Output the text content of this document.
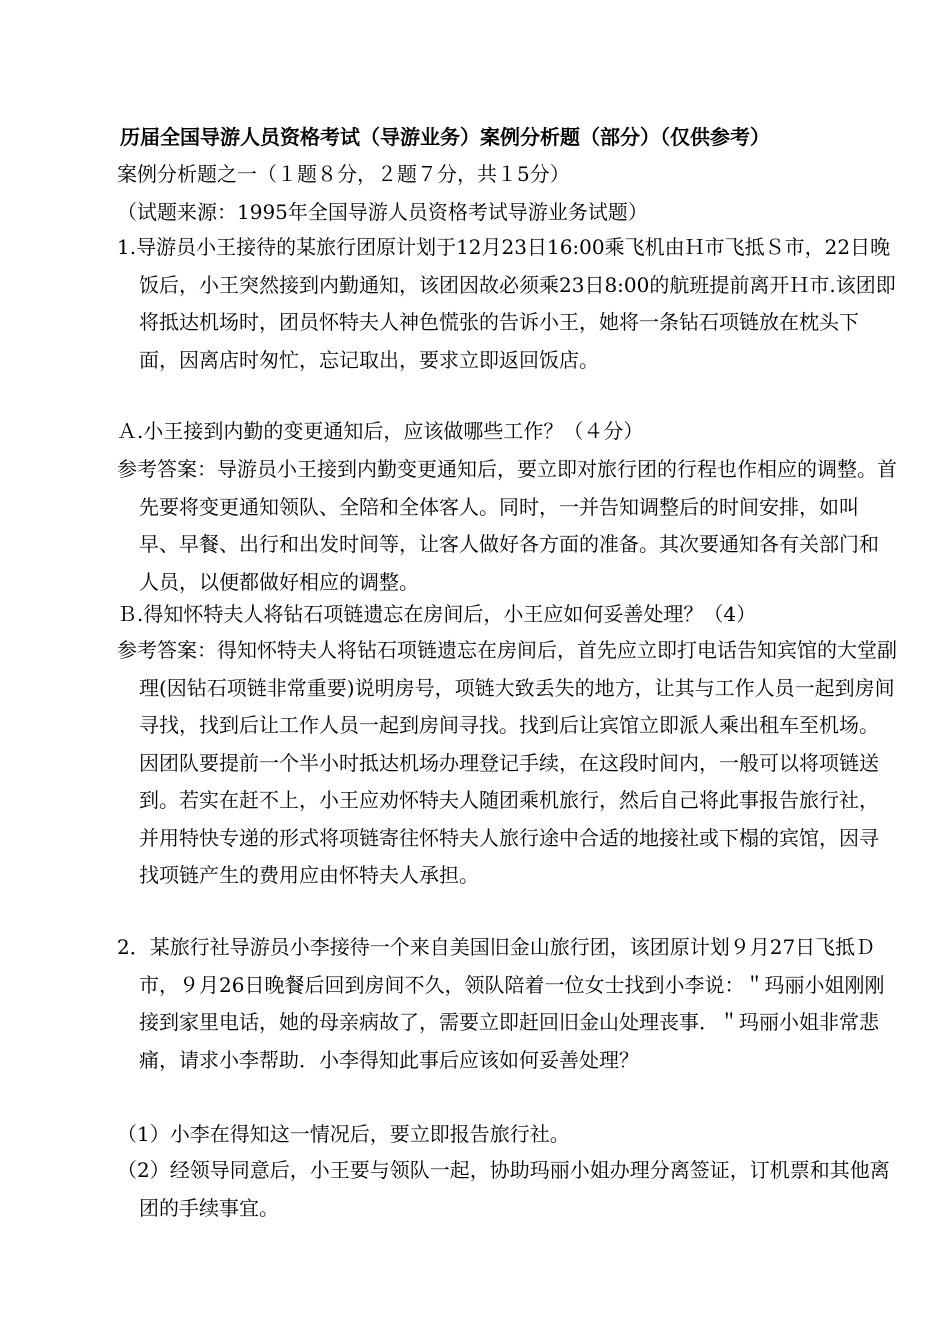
历届全国导游人员资格考试（导游业务）案例分析题（部分）（仅供参考）
案例分析题之一（１题８分，２题７分，共１5分）
（试题来源：1995年全国导游人员资格考试导游业务试题）
1.导游员小王接待的某旅行团原计划于12月23日16:00乘飞机由Ｈ市飞抵Ｓ市，22日晚饭后，小王突然接到内勤通知，该团因故必须乘23日8:00的航班提前离开Ｈ市.该团即将抵达机场时，团员怀特夫人神色慌张的告诉小王，她将一条钻石项链放在枕头下面，因离店时匆忙，忘记取出，要求立即返回饭店。
Ａ.小王接到内勤的变更通知后，应该做哪些工作？（４分）
参考答案：导游员小王接到内勤变更通知后，要立即对旅行团的行程也作相应的调整。首先要将变更通知领队、全陪和全体客人。同时，一并告知调整后的时间安排，如叫早、早餐、出行和出发时间等，让客人做好各方面的准备。其次要通知各有关部门和人员，以便都做好相应的调整。
Ｂ.得知怀特夫人将钻石项链遗忘在房间后，小王应如何妥善处理？（4）
参考答案：得知怀特夫人将钻石项链遗忘在房间后，首先应立即打电话告知宾馆的大堂副理(因钻石项链非常重要)说明房号，项链大致丢失的地方，让其与工作人员一起到房间寻找，找到后让工作人员一起到房间寻找。找到后让宾馆立即派人乘出租车至机场。因团队要提前一个半小时抵达机场办理登记手续，在这段时间内，一般可以将项链送到。若实在赶不上，小王应劝怀特夫人随团乘机旅行，然后自己将此事报告旅行社，并用特快专递的形式将项链寄往怀特夫人旅行途中合适的地接社或下榻的宾馆，因寻找项链产生的费用应由怀特夫人承担。
2．某旅行社导游员小李接待一个来自美国旧金山旅行团，该团原计划９月27日飞抵Ｄ市，９月26日晚餐后回到房间不久，领队陪着一位女士找到小李说：＂玛丽小姐刚刚接到家里电话，她的母亲病故了，需要立即赶回旧金山处理丧事．＂玛丽小姐非常悲痛，请求小李帮助．小李得知此事后应该如何妥善处理？
（1）小李在得知这一情况后，要立即报告旅行社。
（2）经领导同意后，小王要与领队一起，协助玛丽小姐办理分离签证，订机票和其他离团的手续事宜。
